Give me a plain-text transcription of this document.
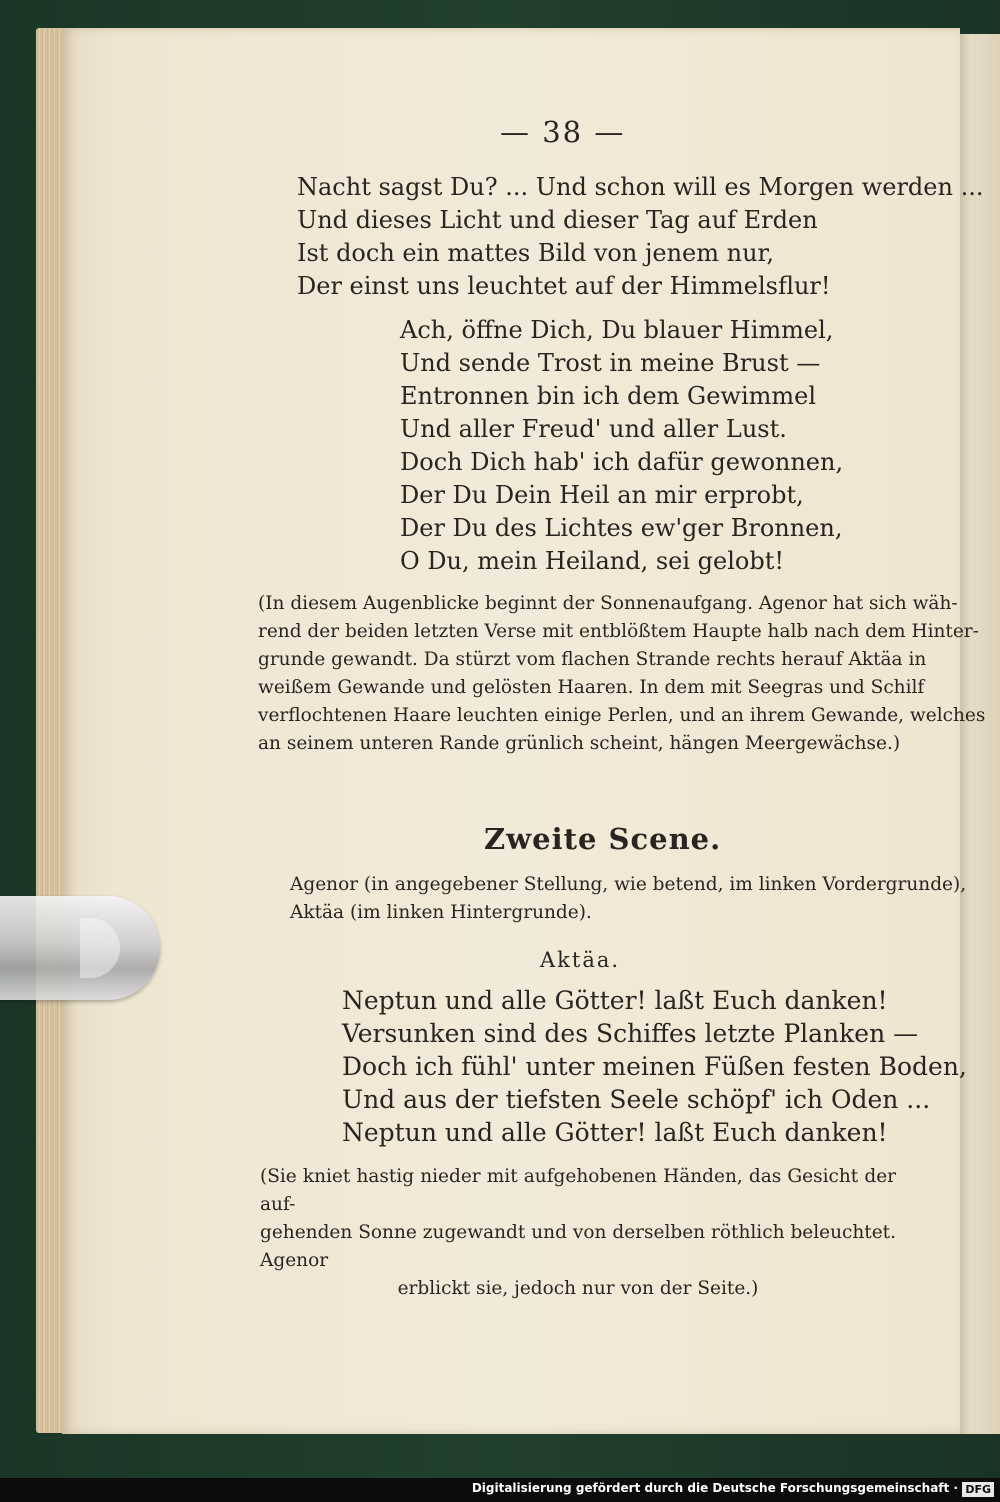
— 38 —
Nacht sagst Du? ... Und schon will es Morgen werden ...
Und dieses Licht und dieser Tag auf Erden
Ist doch ein mattes Bild von jenem nur,
Der einst uns leuchtet auf der Himmelsflur!
Ach, öffne Dich, Du blauer Himmel,
Und sende Trost in meine Brust —
Entronnen bin ich dem Gewimmel
Und aller Freud' und aller Lust.
Doch Dich hab' ich dafür gewonnen,
Der Du Dein Heil an mir erprobt,
Der Du des Lichtes ew'ger Bronnen,
O Du, mein Heiland, sei gelobt!
(In diesem Augenblicke beginnt der Sonnenaufgang. Agenor hat sich wäh-
rend der beiden letzten Verse mit entblößtem Haupte halb nach dem Hinter-
grunde gewandt. Da stürzt vom flachen Strande rechts herauf Aktäa in
weißem Gewande und gelösten Haaren. In dem mit Seegras und Schilf
verflochtenen Haare leuchten einige Perlen, und an ihrem Gewande, welches
an seinem unteren Rande grünlich scheint, hängen Meergewächse.)
Zweite Scene.
Agenor (in angegebener Stellung, wie betend, im linken Vordergrunde),
Aktäa (im linken Hintergrunde).
Aktäa.
Neptun und alle Götter! laßt Euch danken!
Versunken sind des Schiffes letzte Planken —
Doch ich fühl' unter meinen Füßen festen Boden,
Und aus der tiefsten Seele schöpf' ich Oden ...
Neptun und alle Götter! laßt Euch danken!
(Sie kniet hastig nieder mit aufgehobenen Händen, das Gesicht der auf-
gehenden Sonne zugewandt und von derselben röthlich beleuchtet. Agenor
erblickt sie, jedoch nur von der Seite.)
Digitalisierung gefördert durch die Deutsche Forschungsgemeinschaft · DFG
